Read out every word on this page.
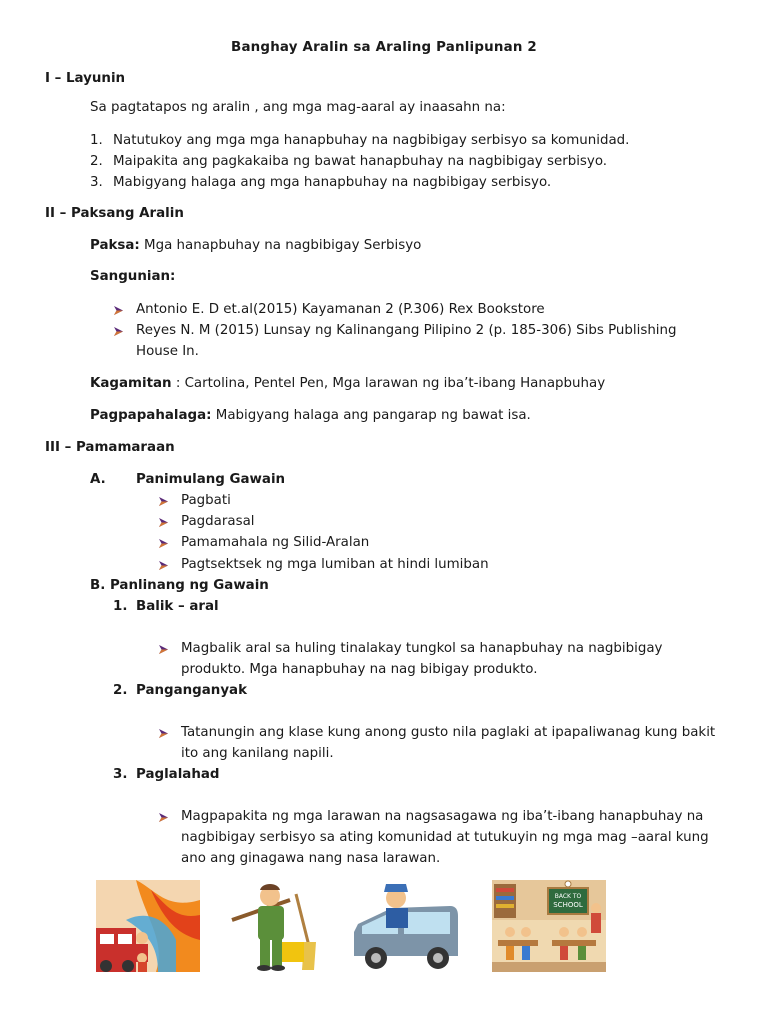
Banghay Aralin sa Araling Panlipunan 2
I – Layunin
Sa pagtatapos ng aralin , ang mga mag-aaral ay inaasahn na:
1. Natutukoy ang mga mga hanapbuhay na nagbibigay serbisyo sa komunidad.
2. Maipakita ang pagkakaiba ng bawat hanapbuhay na nagbibigay serbisyo.
3. Mabigyang halaga ang mga hanapbuhay na nagbibigay serbisyo.
II – Paksang Aralin
Paksa: Mga hanapbuhay na nagbibigay Serbisyo
Sangunian:
Antonio E. D et.al(2015) Kayamanan 2 (P.306) Rex Bookstore
Reyes N. M (2015) Lunsay ng Kalinangang Pilipino 2 (p. 185-306) Sibs Publishing
House In.
Kagamitan : Cartolina, Pentel Pen, Mga larawan ng iba’t-ibang Hanapbuhay
Pagpapahalaga: Mabigyang halaga ang pangarap ng bawat isa.
III – Pamamaraan
A. Panimulang Gawain
Pagbati
Pagdarasal
Pamamahala ng Silid-Aralan
Pagtsektsek ng mga lumiban at hindi lumiban
B. Panlinang ng Gawain
1. Balik – aral
Magbalik aral sa huling tinalakay tungkol sa hanapbuhay na nagbibigay
produkto. Mga hanapbuhay na nag bibigay produkto.
2. Panganganyak
Tatanungin ang klase kung anong gusto nila paglaki at ipapaliwanag kung bakit
ito ang kanilang napili.
3. Paglalahad
Magpapakita ng mga larawan na nagsasagawa ng iba’t-ibang hanapbuhay na
nagbibigay serbisyo sa ating komunidad at tutukuyin ng mga mag –aaral kung
ano ang ginagawa nang nasa larawan.
BACK TO
SCHOOL
